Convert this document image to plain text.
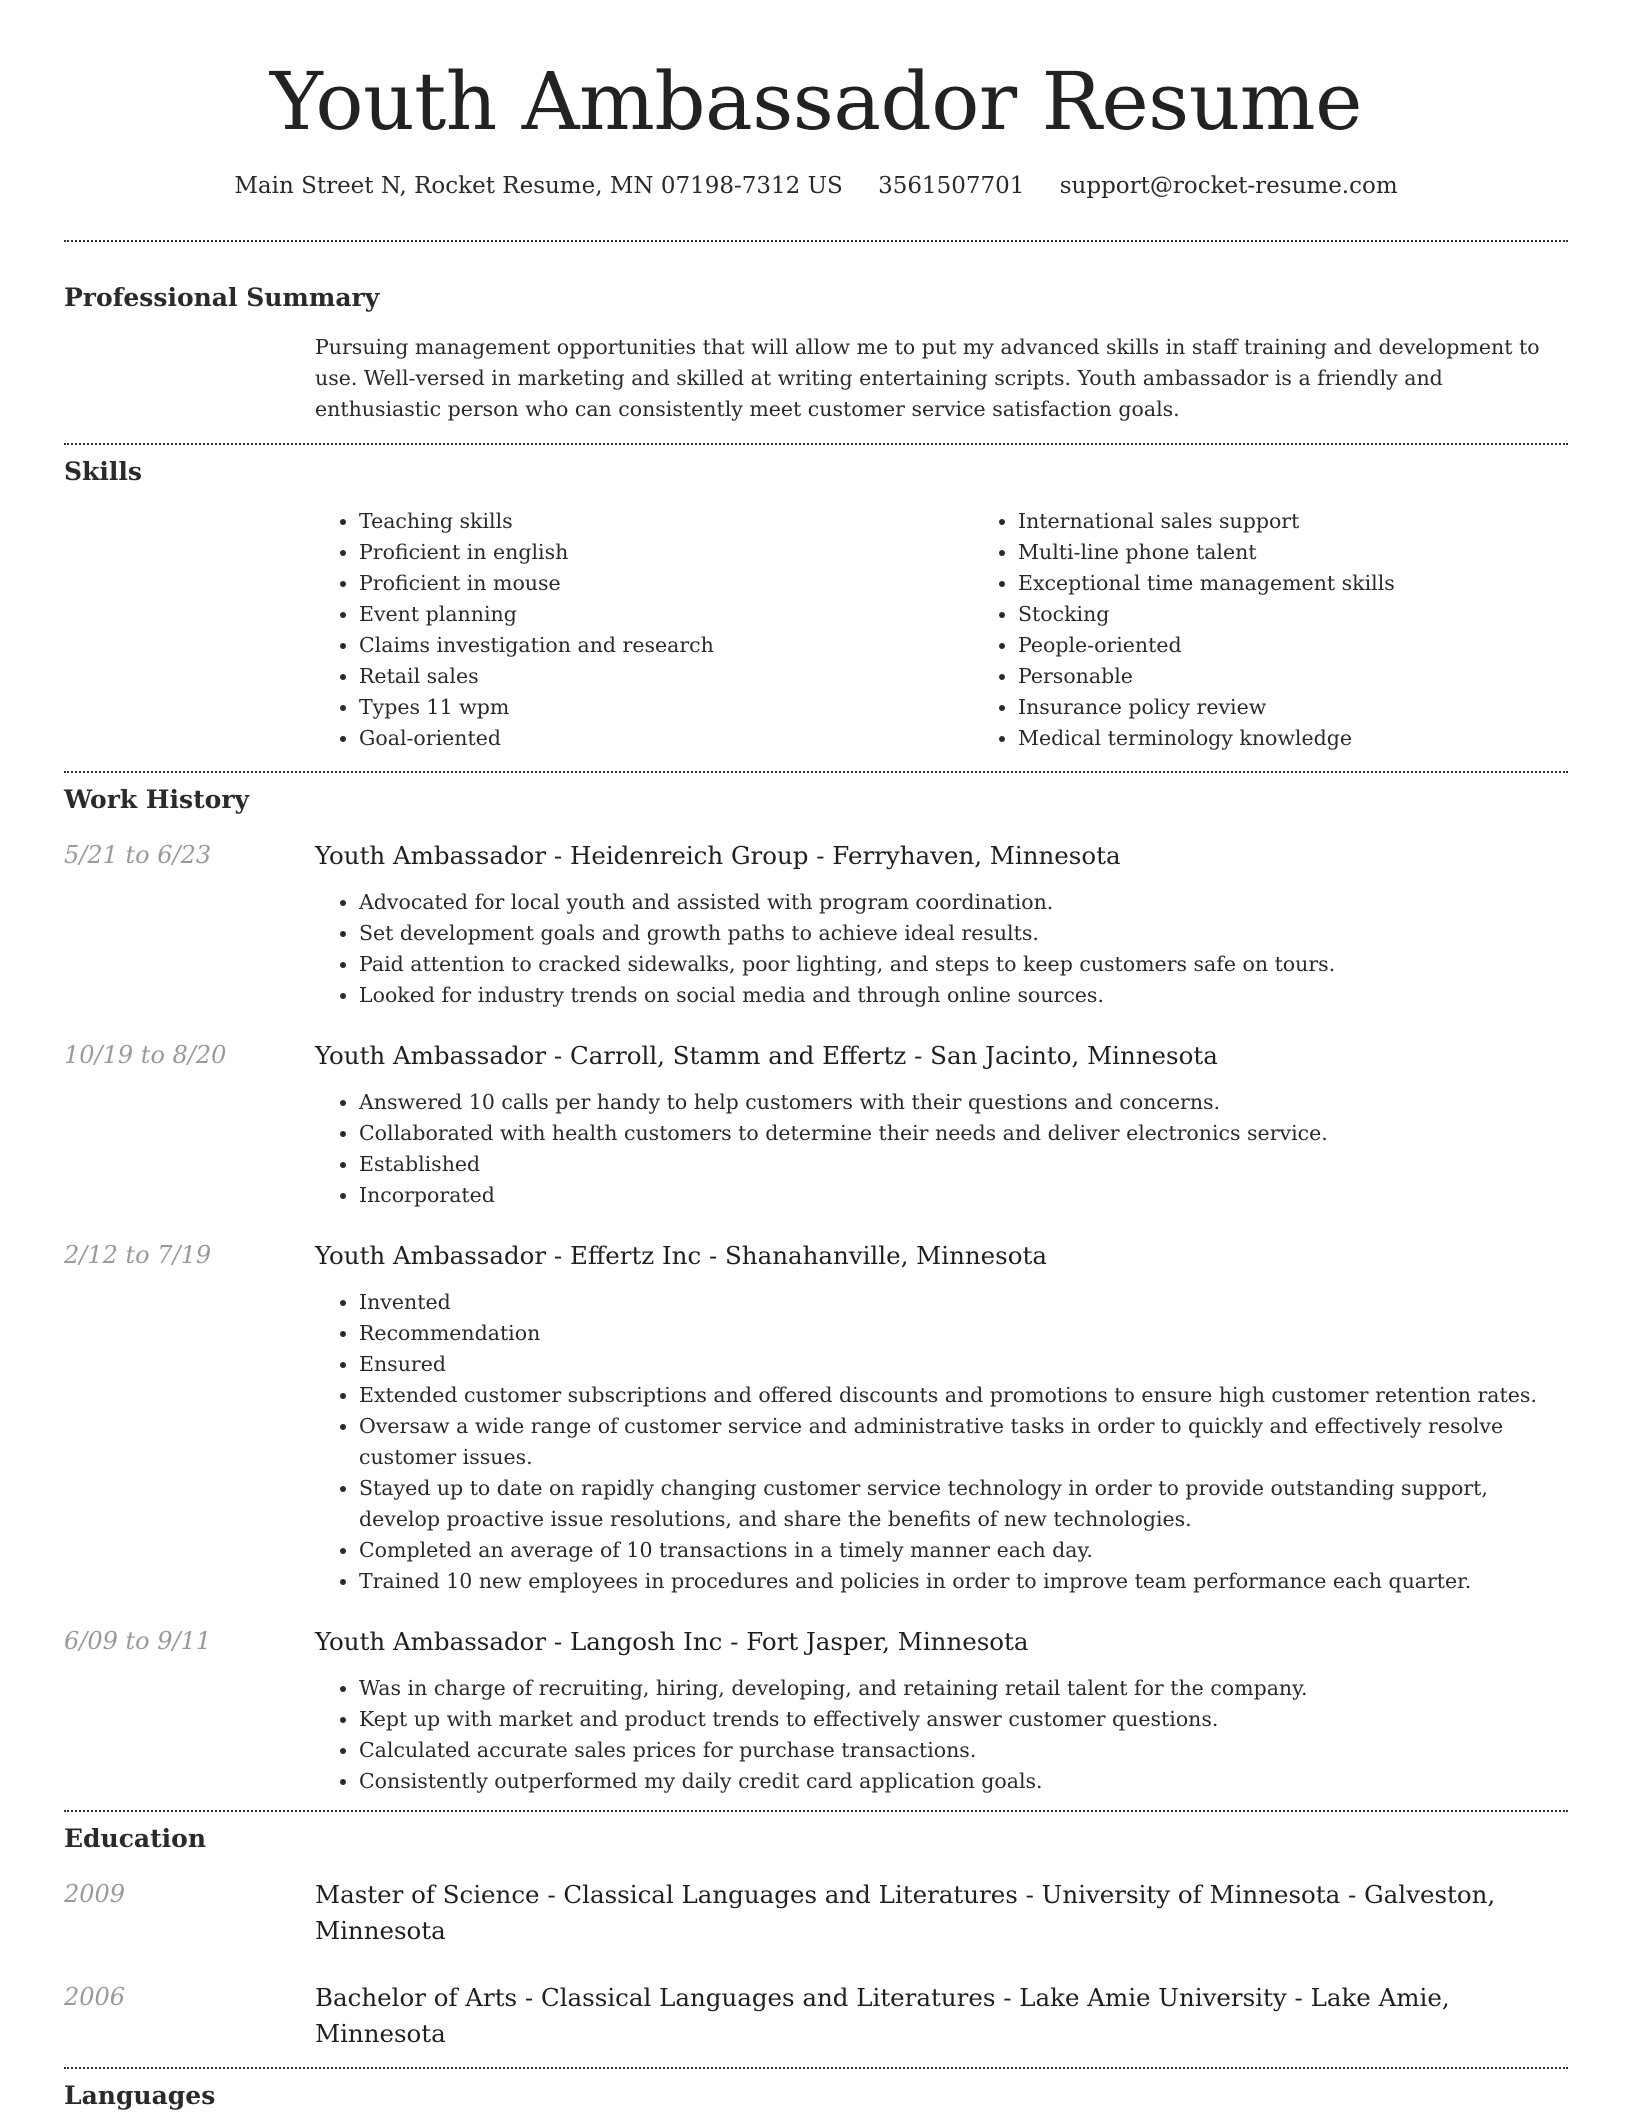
Youth Ambassador Resume
Main Street N, Rocket Resume, MN 07198-7312 US 3561507701 support@rocket-resume.com
Professional Summary
Pursuing management opportunities that will allow me to put my advanced skills in staff training and development to use. Well-versed in marketing and skilled at writing entertaining scripts. Youth ambassador is a friendly and enthusiastic person who can consistently meet customer service satisfaction goals.
Skills
• Teaching skills
• Proficient in english
• Proficient in mouse
• Event planning
• Claims investigation and research
• Retail sales
• Types 11 wpm
• Goal-oriented
• International sales support
• Multi-line phone talent
• Exceptional time management skills
• Stocking
• People-oriented
• Personable
• Insurance policy review
• Medical terminology knowledge
Work History
5/21 to 6/23	Youth Ambassador - Heidenreich Group - Ferryhaven, Minnesota
• Advocated for local youth and assisted with program coordination.
• Set development goals and growth paths to achieve ideal results.
• Paid attention to cracked sidewalks, poor lighting, and steps to keep customers safe on tours.
• Looked for industry trends on social media and through online sources.
10/19 to 8/20	Youth Ambassador - Carroll, Stamm and Effertz - San Jacinto, Minnesota
• Answered 10 calls per handy to help customers with their questions and concerns.
• Collaborated with health customers to determine their needs and deliver electronics service.
• Established
• Incorporated
2/12 to 7/19	Youth Ambassador - Effertz Inc - Shanahanville, Minnesota
• Invented
• Recommendation
• Ensured
• Extended customer subscriptions and offered discounts and promotions to ensure high customer retention rates.
• Oversaw a wide range of customer service and administrative tasks in order to quickly and effectively resolve customer issues.
• Stayed up to date on rapidly changing customer service technology in order to provide outstanding support, develop proactive issue resolutions, and share the benefits of new technologies.
• Completed an average of 10 transactions in a timely manner each day.
• Trained 10 new employees in procedures and policies in order to improve team performance each quarter.
6/09 to 9/11	Youth Ambassador - Langosh Inc - Fort Jasper, Minnesota
• Was in charge of recruiting, hiring, developing, and retaining retail talent for the company.
• Kept up with market and product trends to effectively answer customer questions.
• Calculated accurate sales prices for purchase transactions.
• Consistently outperformed my daily credit card application goals.
Education
2009	Master of Science - Classical Languages and Literatures - University of Minnesota - Galveston, Minnesota
2006	Bachelor of Arts - Classical Languages and Literatures - Lake Amie University - Lake Amie, Minnesota
Languages
